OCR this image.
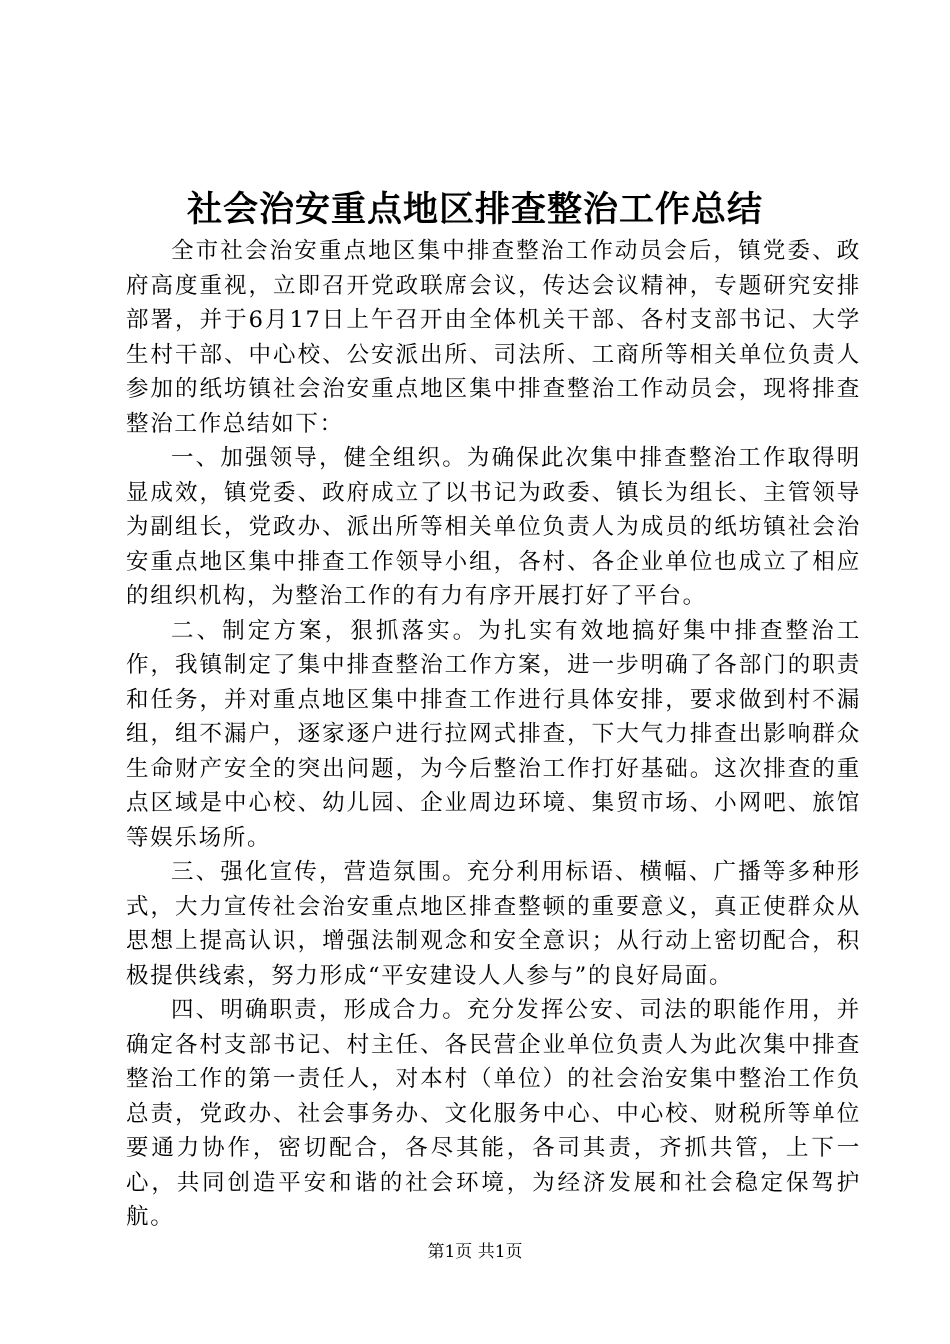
社会治安重点地区排查整治工作总结

全市社会治安重点地区集中排查整治工作动员会后，镇党委、政府高度重视，立即召开党政联席会议，传达会议精神，专题研究安排部署，并于6月17日上午召开由全体机关干部、各村支部书记、大学生村干部、中心校、公安派出所、司法所、工商所等相关单位负责人参加的纸坊镇社会治安重点地区集中排查整治工作动员会，现将排查整治工作总结如下：

一、加强领导，健全组织。为确保此次集中排查整治工作取得明显成效，镇党委、政府成立了以书记为政委、镇长为组长、主管领导为副组长，党政办、派出所等相关单位负责人为成员的纸坊镇社会治安重点地区集中排查工作领导小组，各村、各企业单位也成立了相应的组织机构，为整治工作的有力有序开展打好了平台。

二、制定方案，狠抓落实。为扎实有效地搞好集中排查整治工作，我镇制定了集中排查整治工作方案，进一步明确了各部门的职责和任务，并对重点地区集中排查工作进行具体安排，要求做到村不漏组，组不漏户，逐家逐户进行拉网式排查，下大气力排查出影响群众生命财产安全的突出问题，为今后整治工作打好基础。这次排查的重点区域是中心校、幼儿园、企业周边环境、集贸市场、小网吧、旅馆等娱乐场所。

三、强化宣传，营造氛围。充分利用标语、横幅、广播等多种形式，大力宣传社会治安重点地区排查整顿的重要意义，真正使群众从思想上提高认识，增强法制观念和安全意识；从行动上密切配合，积极提供线索，努力形成“平安建设人人参与”的良好局面。

四、明确职责，形成合力。充分发挥公安、司法的职能作用，并确定各村支部书记、村主任、各民营企业单位负责人为此次集中排查整治工作的第一责任人，对本村（单位）的社会治安集中整治工作负总责，党政办、社会事务办、文化服务中心、中心校、财税所等单位要通力协作，密切配合，各尽其能，各司其责，齐抓共管，上下一心，共同创造平安和谐的社会环境，为经济发展和社会稳定保驾护航。

第1页 共1页
